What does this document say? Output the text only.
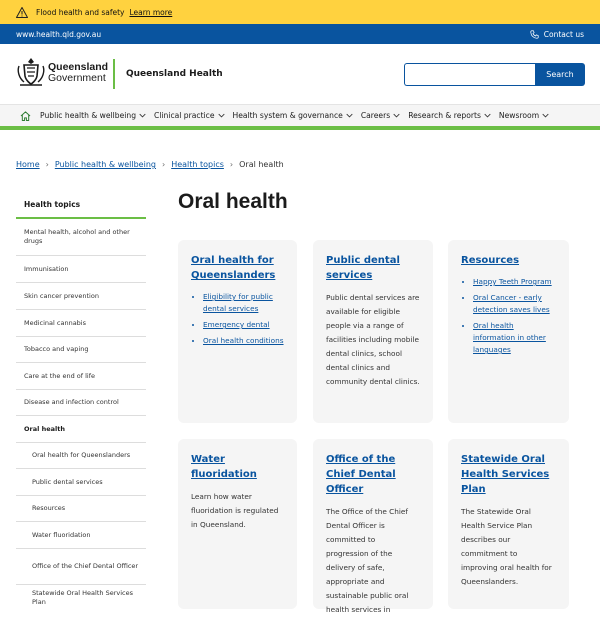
Flood health and safety Learn more
www.health.qld.gov.au	Contact us
Queensland
Government Queensland Health	Search
Public health & wellbeing Clinical practice Health system & governance Careers Research & reports Newsroom
Home › Public health & wellbeing › Health topics › Oral health
Health topics
Mental health, alcohol and other drugs
Immunisation
Skin cancer prevention
Medicinal cannabis
Tobacco and vaping
Care at the end of life
Disease and infection control
Oral health
Oral health for Queenslanders
Public dental services
Resources
Water fluoridation
Office of the Chief Dental Officer
Statewide Oral Health Services Plan
Oral health
Oral health for Queenslanders
• Eligibility for public dental services
• Emergency dental
• Oral health conditions
Public dental services
Public dental services are available for eligible people via a range of facilities including mobile dental clinics, school dental clinics and community dental clinics.
Resources
• Happy Teeth Program
• Oral Cancer - early detection saves lives
• Oral health information in other languages
Water fluoridation
Learn how water fluoridation is regulated in Queensland.
Office of the Chief Dental Officer
The Office of the Chief Dental Officer is committed to progression of the delivery of safe, appropriate and sustainable public oral health services in
Statewide Oral Health Services Plan
The Statewide Oral Health Service Plan describes our commitment to improving oral health for Queenslanders.
